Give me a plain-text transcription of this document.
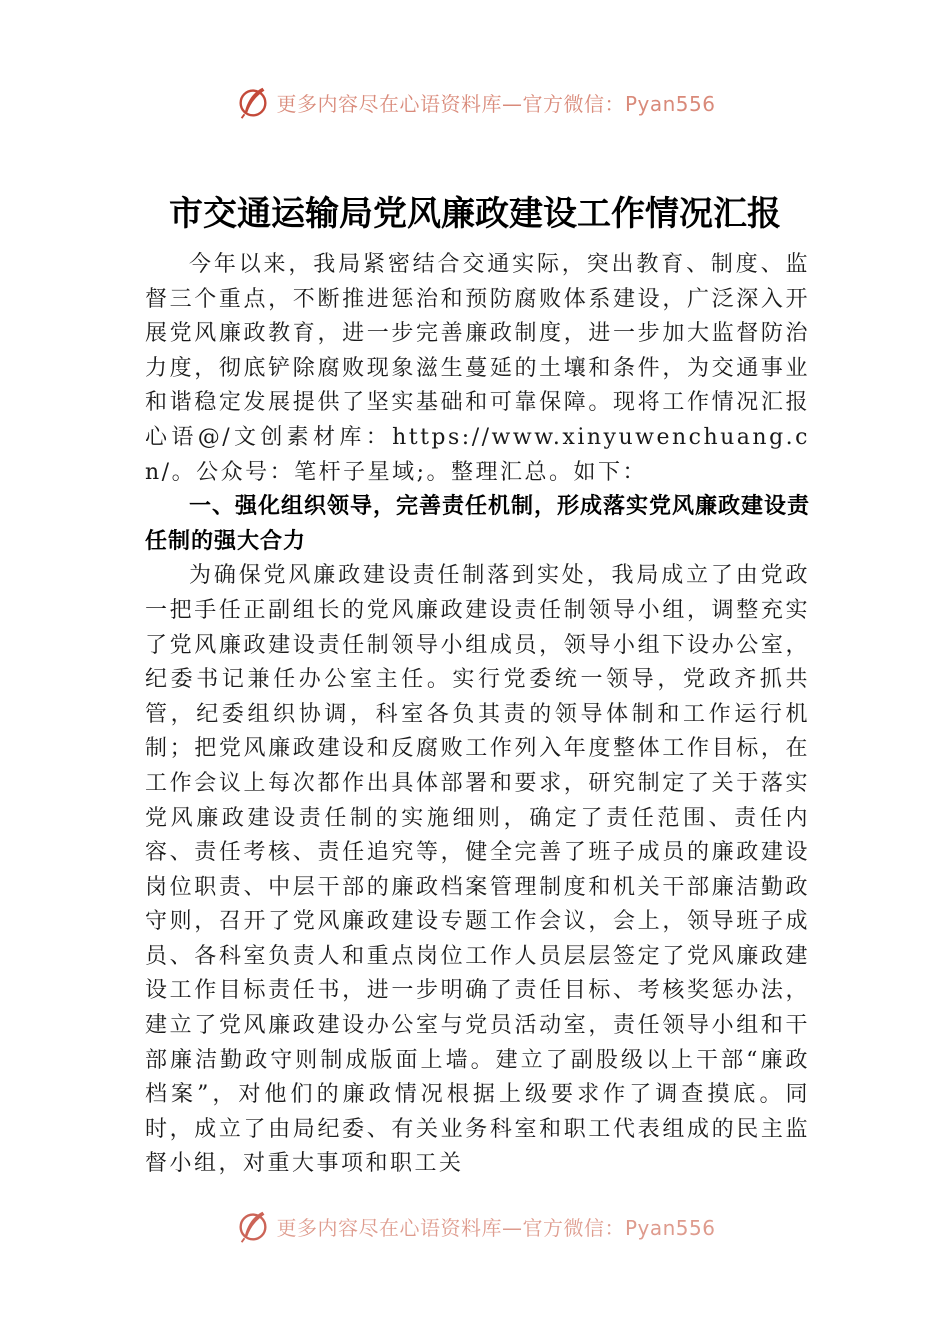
更多内容尽在心语资料库—官方微信：Pyan556
市交通运输局党风廉政建设工作情况汇报

今年以来，我局紧密结合交通实际，突出教育、制度、监督三个重点，不断推进惩治和预防腐败体系建设，广泛深入开展党风廉政教育，进一步完善廉政制度，进一步加大监督防治力度，彻底铲除腐败现象滋生蔓延的土壤和条件，为交通事业和谐稳定发展提供了坚实基础和可靠保障。现将工作情况汇报心语@/文创素材库：https://www.xinyuwenchuang.cn/。公众号：笔杆子星域;。整理汇总。如下：

一、强化组织领导，完善责任机制，形成落实党风廉政建设责任制的强大合力

为确保党风廉政建设责任制落到实处，我局成立了由党政一把手任正副组长的党风廉政建设责任制领导小组，调整充实了党风廉政建设责任制领导小组成员，领导小组下设办公室，纪委书记兼任办公室主任。实行党委统一领导，党政齐抓共管，纪委组织协调，科室各负其责的领导体制和工作运行机制；把党风廉政建设和反腐败工作列入年度整体工作目标，在工作会议上每次都作出具体部署和要求，研究制定了关于落实党风廉政建设责任制的实施细则，确定了责任范围、责任内容、责任考核、责任追究等，健全完善了班子成员的廉政建设岗位职责、中层干部的廉政档案管理制度和机关干部廉洁勤政守则，召开了党风廉政建设专题工作会议，会上，领导班子成员、各科室负责人和重点岗位工作人员层层签定了党风廉政建设工作目标责任书，进一步明确了责任目标、考核奖惩办法，建立了党风廉政建设办公室与党员活动室，责任领导小组和干部廉洁勤政守则制成版面上墙。建立了副股级以上干部“廉政档案”，对他们的廉政情况根据上级要求作了调查摸底。同时，成立了由局纪委、有关业务科室和职工代表组成的民主监督小组，对重大事项和职工关

更多内容尽在心语资料库—官方微信：Pyan556
